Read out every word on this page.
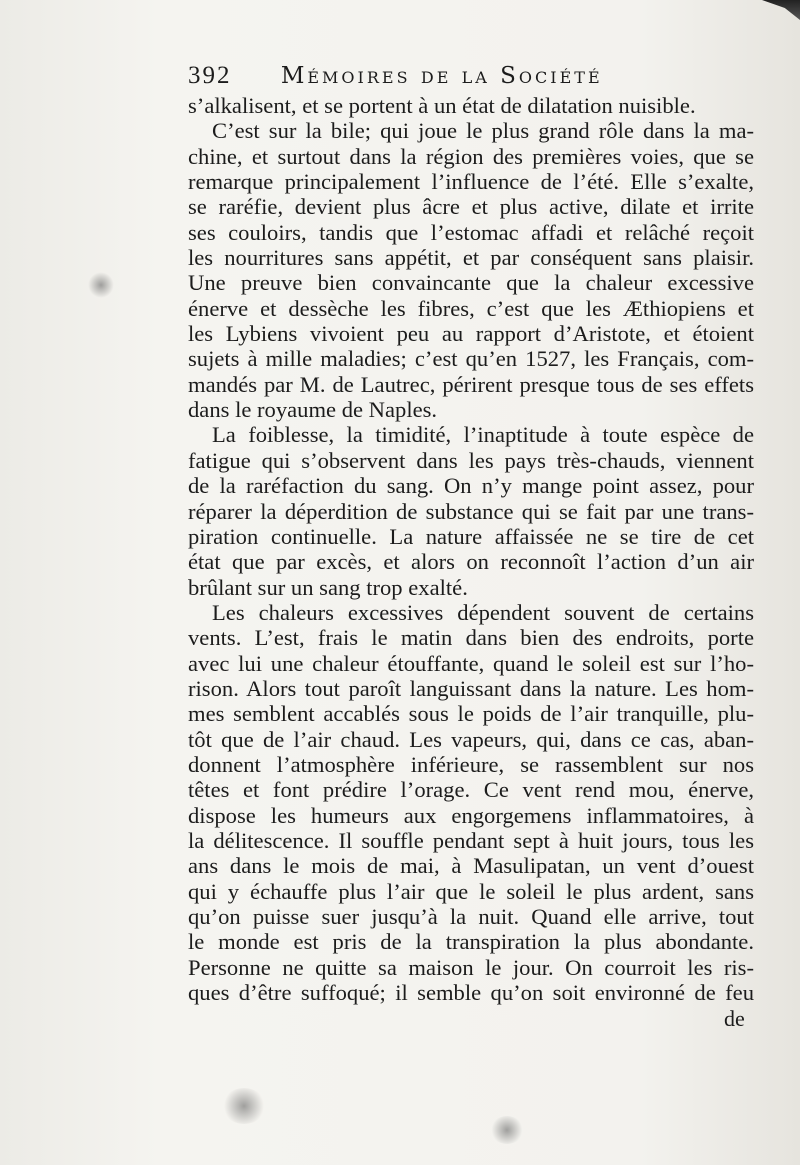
392 Mémoires de la Société
s’alkalisent, et se portent à un état de dilatation nuisible.
C’est sur la bile; qui joue le plus grand rôle dans la ma-
chine, et surtout dans la région des premières voies, que se
remarque principalement l’influence de l’été. Elle s’exalte,
se raréfie, devient plus âcre et plus active, dilate et irrite
ses couloirs, tandis que l’estomac affadi et relâché reçoit
les nourritures sans appétit, et par conséquent sans plaisir.
Une preuve bien convaincante que la chaleur excessive
énerve et dessèche les fibres, c’est que les Æthiopiens et
les Lybiens vivoient peu au rapport d’Aristote, et étoient
sujets à mille maladies; c’est qu’en 1527, les Français, com-
mandés par M. de Lautrec, périrent presque tous de ses effets
dans le royaume de Naples.
La foiblesse, la timidité, l’inaptitude à toute espèce de
fatigue qui s’observent dans les pays très-chauds, viennent
de la raréfaction du sang. On n’y mange point assez, pour
réparer la déperdition de substance qui se fait par une trans-
piration continuelle. La nature affaissée ne se tire de cet
état que par excès, et alors on reconnoît l’action d’un air
brûlant sur un sang trop exalté.
Les chaleurs excessives dépendent souvent de certains
vents. L’est, frais le matin dans bien des endroits, porte
avec lui une chaleur étouffante, quand le soleil est sur l’ho-
rison. Alors tout paroît languissant dans la nature. Les hom-
mes semblent accablés sous le poids de l’air tranquille, plu-
tôt que de l’air chaud. Les vapeurs, qui, dans ce cas, aban-
donnent l’atmosphère inférieure, se rassemblent sur nos
têtes et font prédire l’orage. Ce vent rend mou, énerve,
dispose les humeurs aux engorgemens inflammatoires, à
la délitescence. Il souffle pendant sept à huit jours, tous les
ans dans le mois de mai, à Masulipatan, un vent d’ouest
qui y échauffe plus l’air que le soleil le plus ardent, sans
qu’on puisse suer jusqu’à la nuit. Quand elle arrive, tout
le monde est pris de la transpiration la plus abondante.
Personne ne quitte sa maison le jour. On courroit les ris-
ques d’être suffoqué; il semble qu’on soit environné de feu
de
